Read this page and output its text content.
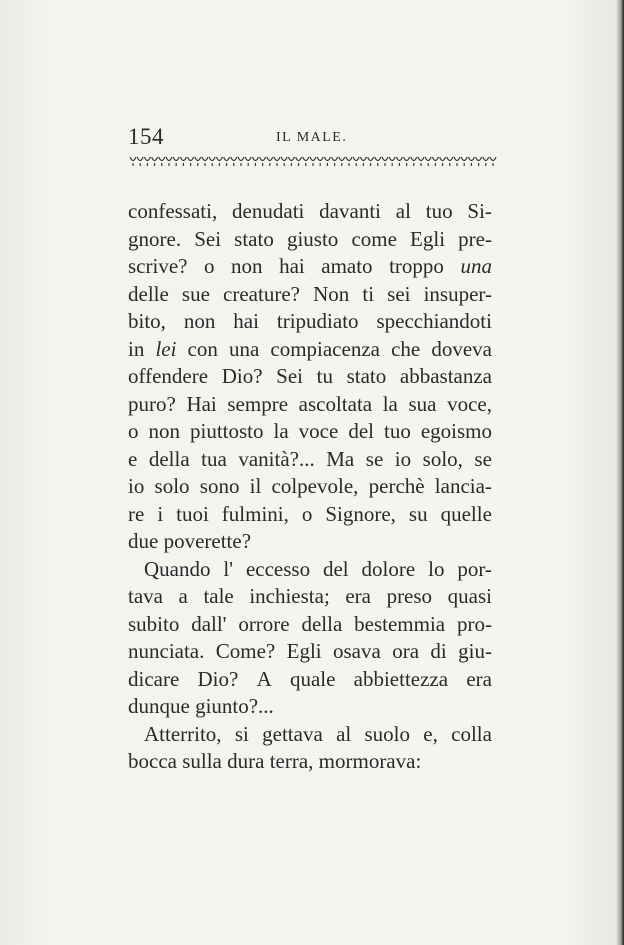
154	IL MALE.
confessati, denudati davanti al tuo Si-
gnore. Sei stato giusto come Egli pre-
scrive? o non hai amato troppo una
delle sue creature? Non ti sei insuper-
bito, non hai tripudiato specchiandoti
in lei con una compiacenza che doveva
offendere Dio? Sei tu stato abbastanza
puro? Hai sempre ascoltata la sua voce,
o non piuttosto la voce del tuo egoismo
e della tua vanità?... Ma se io solo, se
io solo sono il colpevole, perchè lancia-
re i tuoi fulmini, o Signore, su quelle
due poverette?
Quando l' eccesso del dolore lo por-
tava a tale inchiesta; era preso quasi
subito dall' orrore della bestemmia pro-
nunciata. Come? Egli osava ora di giu-
dicare Dio? A quale abbiettezza era
dunque giunto?...
Atterrito, si gettava al suolo e, colla
bocca sulla dura terra, mormorava:
